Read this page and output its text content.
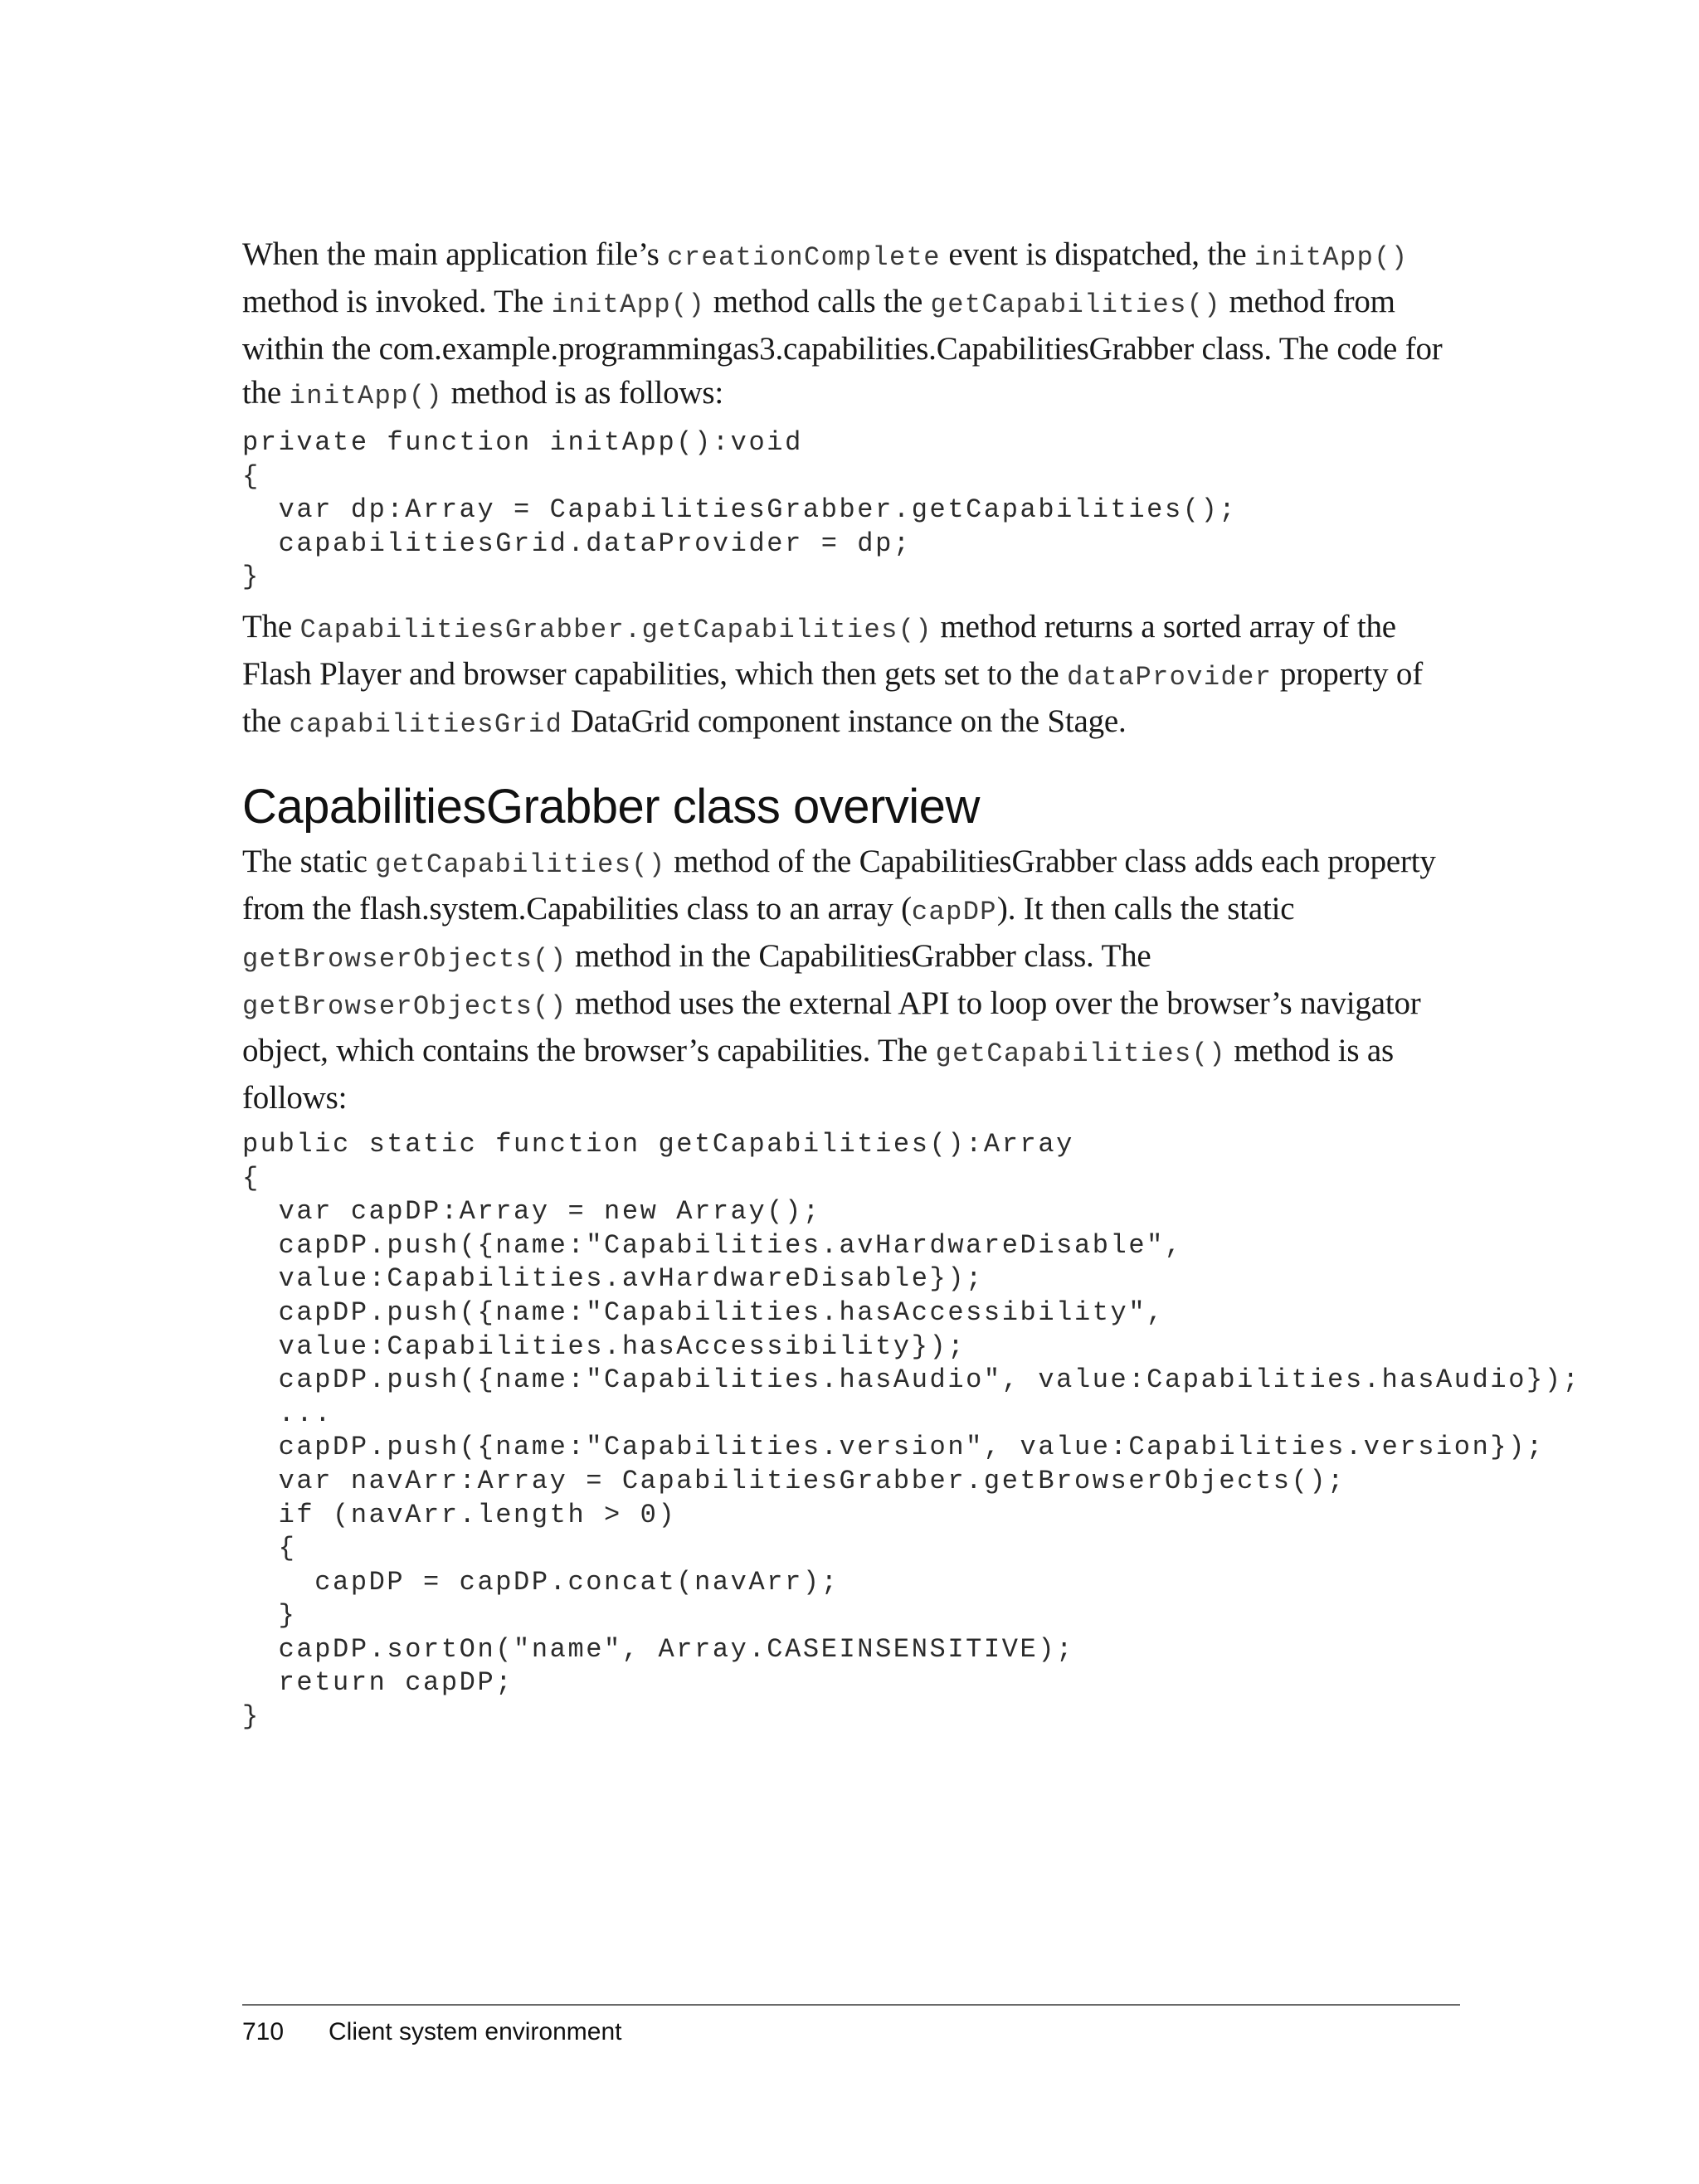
When the main application file’s creationComplete event is dispatched, the initApp() method is invoked. The initApp() method calls the getCapabilities() method from within the com.example.programmingas3.capabilities.CapabilitiesGrabber class. The code for the initApp() method is as follows:

private function initApp():void
{
var dp:Array = CapabilitiesGrabber.getCapabilities();
capabilitiesGrid.dataProvider = dp;
}

The CapabilitiesGrabber.getCapabilities() method returns a sorted array of the Flash Player and browser capabilities, which then gets set to the dataProvider property of the capabilitiesGrid DataGrid component instance on the Stage.

CapabilitiesGrabber class overview

The static getCapabilities() method of the CapabilitiesGrabber class adds each property from the flash.system.Capabilities class to an array (capDP). It then calls the static getBrowserObjects() method in the CapabilitiesGrabber class. The getBrowserObjects() method uses the external API to loop over the browser’s navigator object, which contains the browser’s capabilities. The getCapabilities() method is as follows:

public static function getCapabilities():Array
{
var capDP:Array = new Array();
capDP.push({name:"Capabilities.avHardwareDisable",
value:Capabilities.avHardwareDisable});
capDP.push({name:"Capabilities.hasAccessibility",
value:Capabilities.hasAccessibility});
capDP.push({name:"Capabilities.hasAudio", value:Capabilities.hasAudio});
...
capDP.push({name:"Capabilities.version", value:Capabilities.version});
var navArr:Array = CapabilitiesGrabber.getBrowserObjects();
if (navArr.length > 0)
{
capDP = capDP.concat(navArr);
}
capDP.sortOn("name", Array.CASEINSENSITIVE);
return capDP;
}
710 Client system environment
